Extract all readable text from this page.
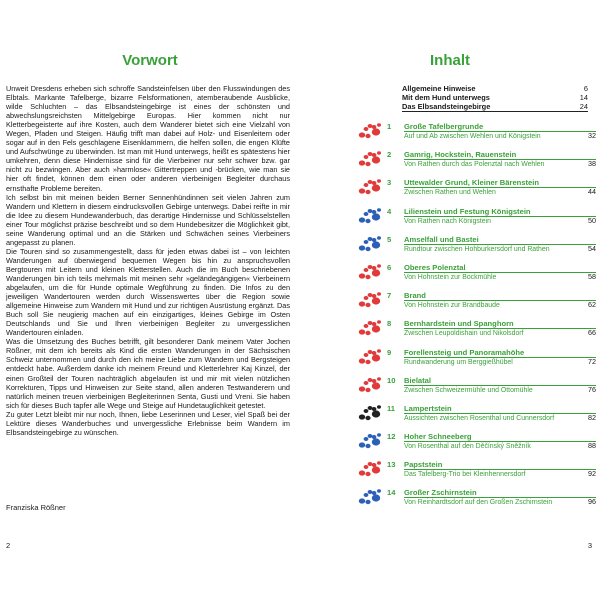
Vorwort

Unweit Dresdens erheben sich schroffe Sandsteinfelsen über den Flusswindungen des Elbtals. Markante Tafelberge, bizarre Felsformationen, atemberaubende Ausblicke, wilde Schluchten – das Elbsandsteingebirge ist eines der schönsten und abwechslungsreichsten Mittelgebirge Europas. Hier kommen nicht nur Kletterbegeisterte auf ihre Kosten, auch dem Wanderer bietet sich eine Vielzahl von Wegen, Pfaden und Steigen. Häufig trifft man dabei auf Holz- und Eisenleitern oder sogar auf in den Fels geschlagene Eisenklammern, die helfen sollen, die engen Klüfte und Aufschwünge zu überwinden. Ist man mit Hund unterwegs, heißt es spätestens hier umkehren, denn diese Hindernisse sind für die Vierbeiner nur sehr schwer bzw. gar nicht zu bezwingen. Aber auch »harmlose« Gittertreppen und -brücken, wie man sie hier oft findet, können dem einen oder anderen vierbeinigen Begleiter durchaus ernsthafte Probleme bereiten.

Ich selbst bin mit meinen beiden Berner Sennenhündinnen seit vielen Jahren zum Wandern und Klettern in diesem eindrucksvollen Gebirge unterwegs. Dabei reifte in mir die Idee zu diesem Hundewanderbuch, das derartige Hindernisse und Schlüsselstellen einer Tour möglichst präzise beschreibt und so dem Hundebesitzer die Möglichkeit gibt, seine Wanderung optimal und an die Stärken und Schwächen seines Vierbeiners angepasst zu planen.

Die Touren sind so zusammengestellt, dass für jeden etwas dabei ist – von leichten Wanderungen auf überwiegend bequemen Wegen bis hin zu anspruchsvollen Bergtouren mit Leitern und kleinen Kletterstellen. Auch die im Buch beschriebenen Wanderungen bin ich teils mehrmals mit meinen sehr »geländegängigen« Vierbeinern abgelaufen, um die für Hunde optimale Wegführung zu finden. Die Infos zu den jeweiligen Wandertouren werden durch Wissenswertes über die Region sowie allgemeine Hinweise zum Wandern mit Hund und zur richtigen Ausrüstung ergänzt. Das Buch soll Sie neugierig machen auf ein einzigartiges, kleines Gebirge im Osten Deutschlands und Sie und Ihren vierbeinigen Begleiter zu unvergesslichen Wandertouren einladen.

Was die Umsetzung des Buches betrifft, gilt besonderer Dank meinem Vater Jochen Rößner, mit dem ich bereits als Kind die ersten Wanderungen in der Sächsischen Schweiz unternommen und durch den ich meine Liebe zum Wandern und Bergsteigen entdeckt habe. Außerdem danke ich meinem Freund und Kletterlehrer Kaj Kinzel, der einen Großteil der Touren nachträglich abgelaufen ist und mir mit vielen nützlichen Korrekturen, Tipps und Hinweisen zur Seite stand, allen anderen Testwanderern und natürlich meinen treuen vierbeinigen Begleiterinnen Senta, Gusti und Vreni. Sie haben sich für dieses Buch tapfer alle Wege und Steige auf Hundetauglichkeit getestet.

Zu guter Letzt bleibt mir nur noch, Ihnen, liebe Leserinnen und Leser, viel Spaß bei der Lektüre dieses Wanderbuches und unvergessliche Erlebnisse beim Wandern im Elbsandsteingebirge zu wünschen.

Franziska Rößner
2
Inhalt
Allgemeine Hinweise	6
Mit dem Hund unterwegs	14
Das Elbsandsteingebirge	24
1 Große Tafelbergrunde
Auf und Ab zwischen Wehlen und Königstein	32
2 Gamrig, Hockstein, Rauenstein
Von Rathen durch das Polenztal nach Wehlen	38
3 Uttewalder Grund, Kleiner Bärenstein
Zwischen Rathen und Wehlen	44
4 Lilienstein und Festung Königstein
Von Rathen nach Königstein	50
5 Amselfall und Bastei
Rundtour zwischen Hohburkersdorf und Rathen	54
6 Oberes Polenztal
Von Hohnstein zur Bockmühle	58
7 Brand
Von Hohnstein zur Brandbaude	62
8 Bernhardstein und Spanghorn
Zwischen Leupoldishain und Nikolsdorf	66
9 Forellensteig und Panoramahöhe
Rundwanderung um Berggießhübel	72
10 Bielatal
Zwischen Schweizermühle und Ottomühle	76
11 Lampertstein
Aussichten zwischen Rosenthal und Cunnersdorf	82
12 Hoher Schneeberg
Von Rosenthal auf den Děčínský Sněžník	88
13 Papststein
Das Tafelberg-Trio bei Kleinhennersdorf	92
14 Großer Zschirnstein
Von Reinhardtsdorf auf den Großen Zschirnstein	96
3
